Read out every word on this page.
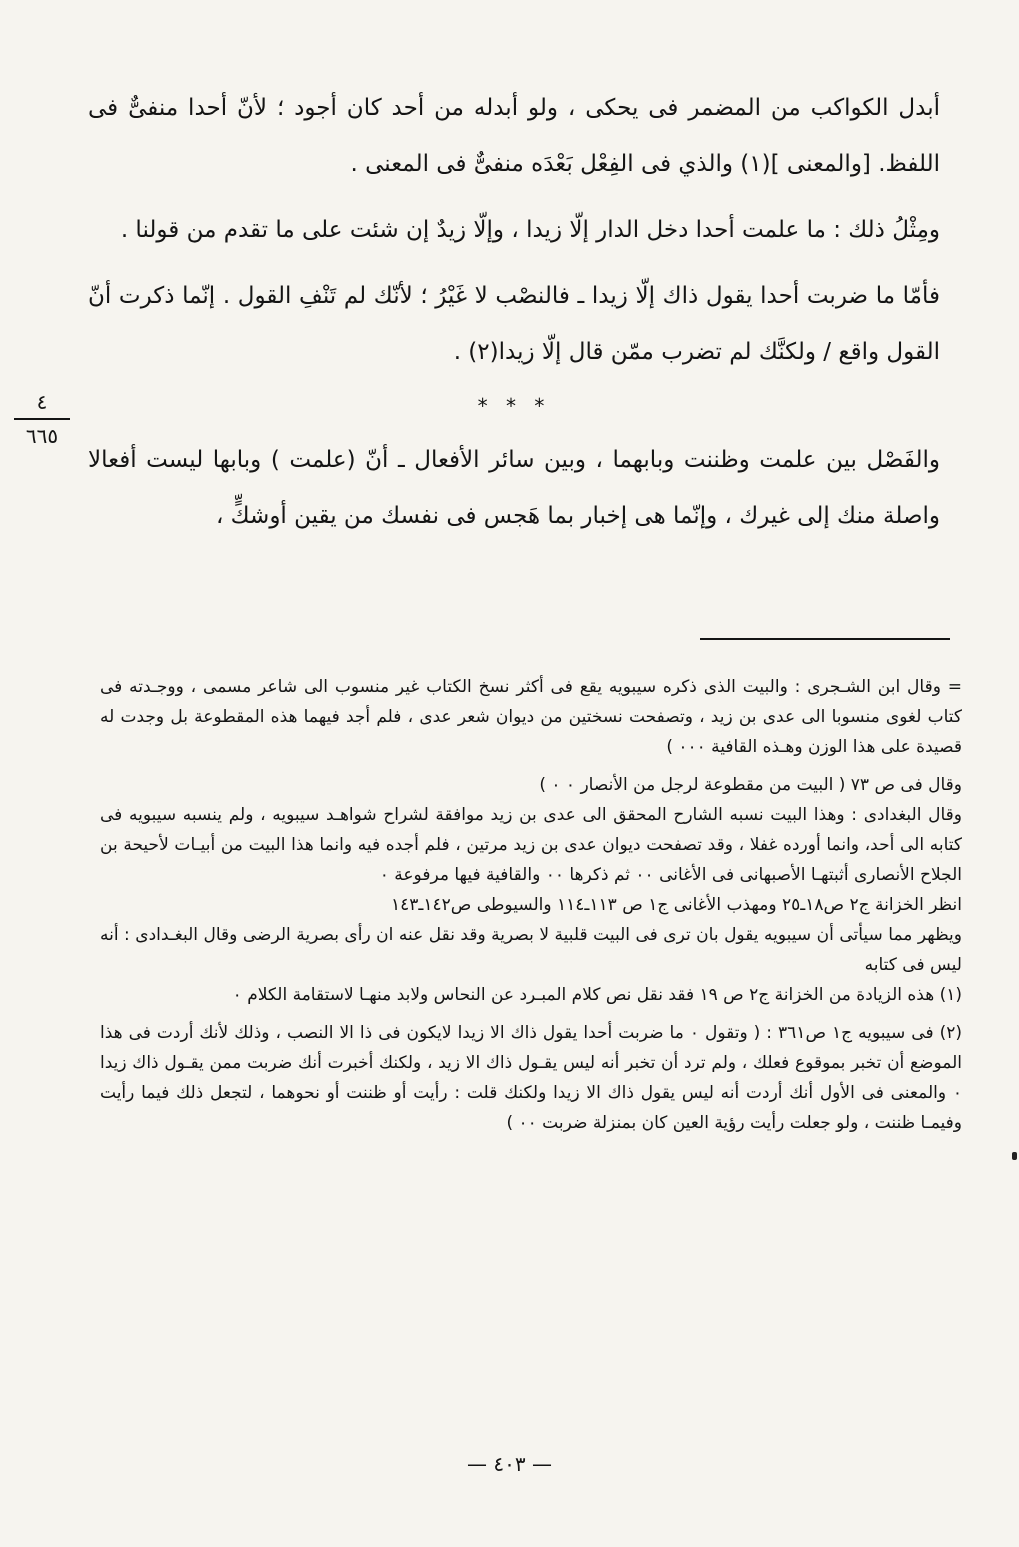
أبدل الكواكب من المضمر فى يحكى ، ولو أبدله من أحد كان أجود ؛ لأنّ أحدا منفىٌّ فى اللفظ. [والمعنى ](١) والذي فى الفِعْل بَعْدَه منفىٌّ فى المعنى .

ومِثْلُ ذلك : ما علمت أحدا دخل الدار إلّا زيدا ، وإلّا زيدٌ إن شئت على ما تقدم من قولنا .

فأمّا ما ضربت أحدا يقول ذاك إلّا زيدا ـ فالنصْب لا غَيْرُ ؛ لأنّك لم تَنْفِ القول . إنّما ذكرت أنّ القول واقع / ولكنَّك لم تضرب ممّن قال إلّا زيدا(٢) .

* * *

والفَصْل بين علمت وظننت وبابهما ، وبين سائر الأفعال ـ أنّ (علمت ) وبابها ليست أفعالا واصلة منك إلى غيرك ، وإنّما هى إخبار بما هَجس فى نفسك من يقين أوشكٍّ ،

٤
٦٦٥

= وقال ابن الشـجرى : والبيت الذى ذكره سيبويه يقع فى أكثر نسخ الكتاب غير منسوب الى شاعر مسمى ، ووجـدته فى كتاب لغوى منسوبا الى عدى بن زيد ، وتصفحت نسختين من ديوان شعر عدى ، فلم أجد فيهما هذه المقطوعة بل وجدت له قصيدة على هذا الوزن وهـذه القافية ٠٠٠ )

وقال فى ص ٧٣ ( البيت من مقطوعة لرجل من الأنصار ٠ ٠ )

وقال البغدادى : وهذا البيت نسبه الشارح المحقق الى عدى بن زيد موافقة لشراح شواهـد سيبويه ، ولم ينسبه سيبويه فى كتابه الى أحد، وانما أورده غفلا ، وقد تصفحت ديوان عدى بن زيد مرتين ، فلم أجده فيه وانما هذا البيت من أبيـات لأحيحة بن الجلاح الأنصارى أثبتهـا الأصبهانى فى الأغانى ٠٠ ثم ذكرها ٠٠ والقافية فيها مرفوعة ٠

انظر الخزانة ج٢ ص١٨ـ٢٥ ومهذب الأغانى ج١ ص ١١٣ـ١١٤ والسيوطى ص١٤٢ـ١٤٣

ويظهر مما سيأتى أن سيبويه يقول بان ترى فى البيت قلبية لا بصرية وقد نقل عنه ان رأى بصرية الرضى وقال البغـدادى : أنه ليس فى كتابه

(١) هذه الزيادة من الخزانة ج٢ ص ١٩ فقد نقل نص كلام المبـرد عن النحاس ولابد منهـا لاستقامة الكلام ٠

(٢) فى سيبويه ج١ ص٣٦١ : ( وتقول ٠ ما ضربت أحدا يقول ذاك الا زيدا لايكون فى ذا الا النصب ، وذلك لأنك أردت فى هذا الموضع أن تخبر بموقوع فعلك ، ولم ترد أن تخبر أنه ليس يقـول ذاك الا زيد ، ولكنك أخبرت أنك ضربت ممن يقـول ذاك زيدا ٠ والمعنى فى الأول أنك أردت أنه ليس يقول ذاك الا زيدا ولكنك قلت : رأيت أو ظننت أو نحوهما ، لتجعل ذلك فيما رأيت وفيمـا ظننت ، ولو جعلت رأيت رؤية العين كان بمنزلة ضربت ٠٠ )

— ٤٠٣ —
